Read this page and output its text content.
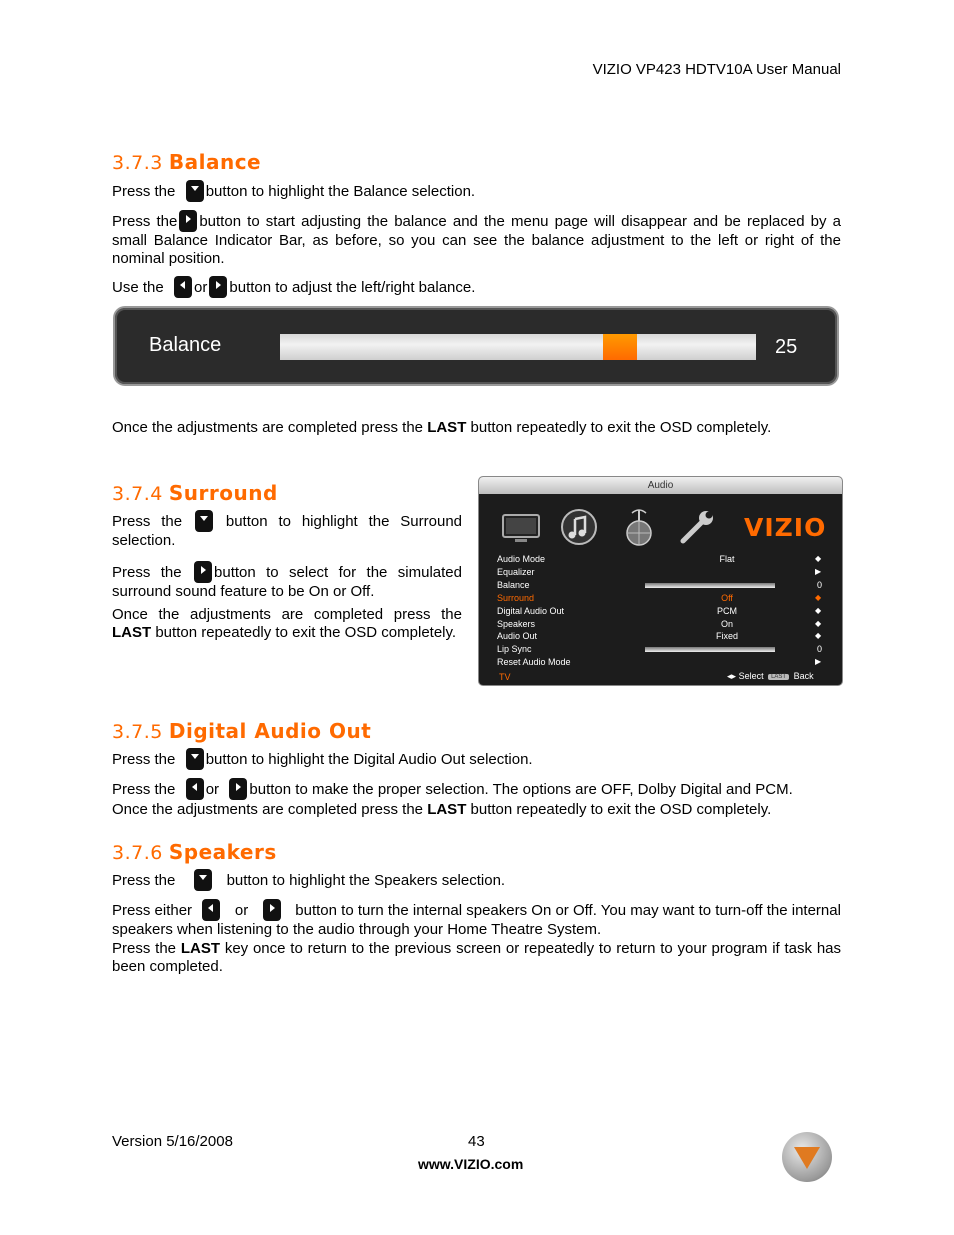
VIZIO VP423 HDTV10A User Manual
3.7.3 Balance

Press the button to highlight the Balance selection.

Press the button to start adjusting the balance and the menu page will disappear and be replaced by a small Balance Indicator Bar, as before, so you can see the balance adjustment to the left or right of the nominal position.

Use the or button to adjust the left/right balance.

Balance	25

Once the adjustments are completed press the LAST button repeatedly to exit the OSD completely.

3.7.4 Surround

Press the	button to highlight the Surround selection.

Press the button to select for the simulated surround sound feature to be On or Off.

Once the adjustments are completed press the LAST button repeatedly to exit the OSD completely.

Audio
VIZIO
Audio Mode	Flat	◆
Equalizer	▶
Balance	0
Surround	Off	◆
Digital Audio Out	PCM	◆
Speakers	On	◆
Audio Out	Fixed	◆
Lip Sync	0
Reset Audio Mode	▶
TV	◂▸ Select LAST Back
3.7.5 Digital Audio Out

Press the button to highlight the Digital Audio Out selection.

Press the or button to make the proper selection. The options are OFF, Dolby Digital and PCM.

Once the adjustments are completed press the LAST button repeatedly to exit the OSD completely.

3.7.6 Speakers

Press the	button to highlight the Speakers selection.

Press either	or	button to turn the internal speakers On or Off. You may want to turn-off the internal speakers when listening to the audio through your Home Theatre System.

Press the LAST key once to return to the previous screen or repeatedly to return to your program if task has been completed.

Version 5/16/2008	43
www.VIZIO.com
